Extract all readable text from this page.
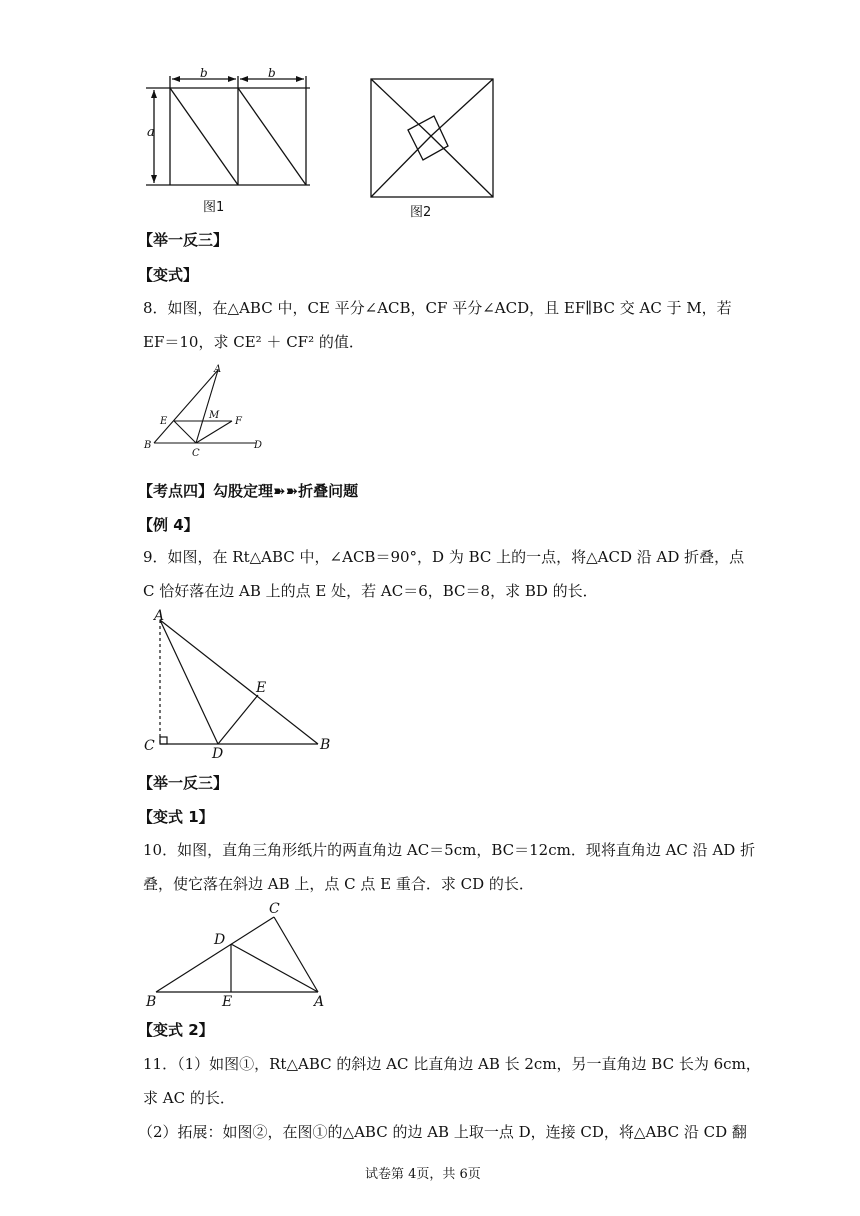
b	b
a
图1	图2
【举一反三】
【变式】
8．如图，在△ABC 中，CE 平分∠ACB，CF 平分∠ACD，且 EF∥BC 交 AC 于 M，若
EF＝10，求 CE² ＋ CF² 的值．
A
E
M
F
B
C
D
【考点四】勾股定理➽➽折叠问题
【例 4】
9．如图，在 Rt△ABC 中，∠ACB＝90°，D 为 BC 上的一点，将△ACD 沿 AD 折叠，点
C 恰好落在边 AB 上的点 E 处，若 AC＝6，BC＝8，求 BD 的长．
A
E
C	D
B
【举一反三】
【变式 1】
10．如图，直角三角形纸片的两直角边 AC＝5cm，BC＝12cm．现将直角边 AC 沿 AD 折
叠，使它落在斜边 AB 上，点 C 点 E 重合．求 CD 的长．
C
D
B	E	A
【变式 2】
11．（1）如图①，Rt△ABC 的斜边 AC 比直角边 AB 长 2cm，另一直角边 BC 长为 6cm，
求 AC 的长．
（2）拓展：如图②，在图①的△ABC 的边 AB 上取一点 D，连接 CD，将△ABC 沿 CD 翻
试卷第 4页，共 6页
